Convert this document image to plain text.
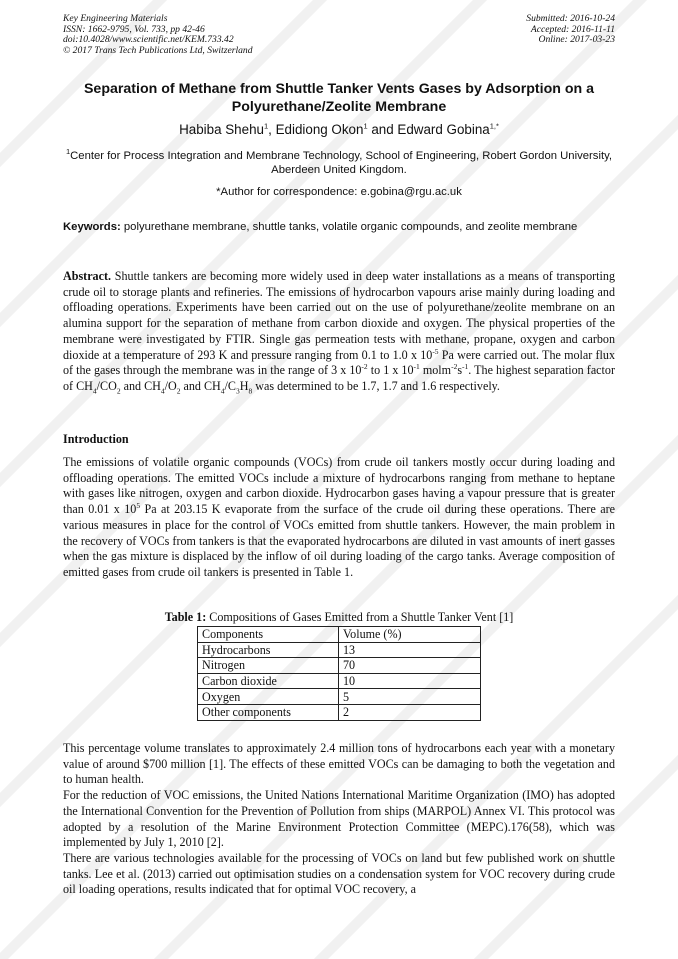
Key Engineering Materials
ISSN: 1662-9795, Vol. 733, pp 42-46
doi:10.4028/www.scientific.net/KEM.733.42
© 2017 Trans Tech Publications Ltd, Switzerland
Submitted: 2016-10-24
Accepted: 2016-11-11
Online: 2017-03-23
Separation of Methane from Shuttle Tanker Vents Gases by Adsorption on a Polyurethane/Zeolite Membrane
Habiba Shehu$^1$, Edidiong Okon$^1$ and Edward Gobina$^{1,*}$
$^1$Center for Process Integration and Membrane Technology, School of Engineering, Robert Gordon University, Aberdeen United Kingdom.
*Author for correspondence: e.gobina@rgu.ac.uk
Keywords: polyurethane membrane, shuttle tanks, volatile organic compounds, and zeolite membrane

Abstract. Shuttle tankers are becoming more widely used in deep water installations as a means of transporting crude oil to storage plants and refineries. The emissions of hydrocarbon vapours arise mainly during loading and offloading operations. Experiments have been carried out on the use of polyurethane/zeolite membrane on an alumina support for the separation of methane from carbon dioxide and oxygen. The physical properties of the membrane were investigated by FTIR. Single gas permeation tests with methane, propane, oxygen and carbon dioxide at a temperature of 293 K and pressure ranging from 0.1 to 1.0 x $10^{-5}$ Pa were carried out. The molar flux of the gases through the membrane was in the range of 3 x $10^{-2}$ to 1 x $10^{-1}$ $molm^{-2}s^{-1}$. The highest separation factor of $CH_4/CO_2$ and $CH_4/O_2$ and $CH_4/C_3H_8$ was determined to be 1.7, 1.7 and 1.6 respectively.

Introduction

The emissions of volatile organic compounds (VOCs) from crude oil tankers mostly occur during loading and offloading operations. The emitted VOCs include a mixture of hydrocarbons ranging from methane to heptane with gases like nitrogen, oxygen and carbon dioxide. Hydrocarbon gases having a vapour pressure that is greater than 0.01 x $10^5$ Pa at 203.15 K evaporate from the surface of the crude oil during these operations. There are various measures in place for the control of VOCs emitted from shuttle tankers. However, the main problem in the recovery of VOCs from tankers is that the evaporated hydrocarbons are diluted in vast amounts of inert gasses when the gas mixture is displaced by the inflow of oil during loading of the cargo tanks. Average composition of emitted gases from crude oil tankers is presented in Table 1.

Table 1: Compositions of Gases Emitted from a Shuttle Tanker Vent [1]
Components	Volume (%)
Hydrocarbons	13
Nitrogen	70
Carbon dioxide	10
Oxygen	5
Other components	2

This percentage volume translates to approximately 2.4 million tons of hydrocarbons each year with a monetary value of around $700 million [1]. The effects of these emitted VOCs can be damaging to both the vegetation and to human health.

For the reduction of VOC emissions, the United Nations International Maritime Organization (IMO) has adopted the International Convention for the Prevention of Pollution from ships (MARPOL) Annex VI. This protocol was adopted by a resolution of the Marine Environment Protection Committee (MEPC).176(58), which was implemented by July 1, 2010 [2].

There are various technologies available for the processing of VOCs on land but few published work on shuttle tanks. Lee et al. (2013) carried out optimisation studies on a condensation system for VOC recovery during crude oil loading operations, results indicated that for optimal VOC recovery, a
